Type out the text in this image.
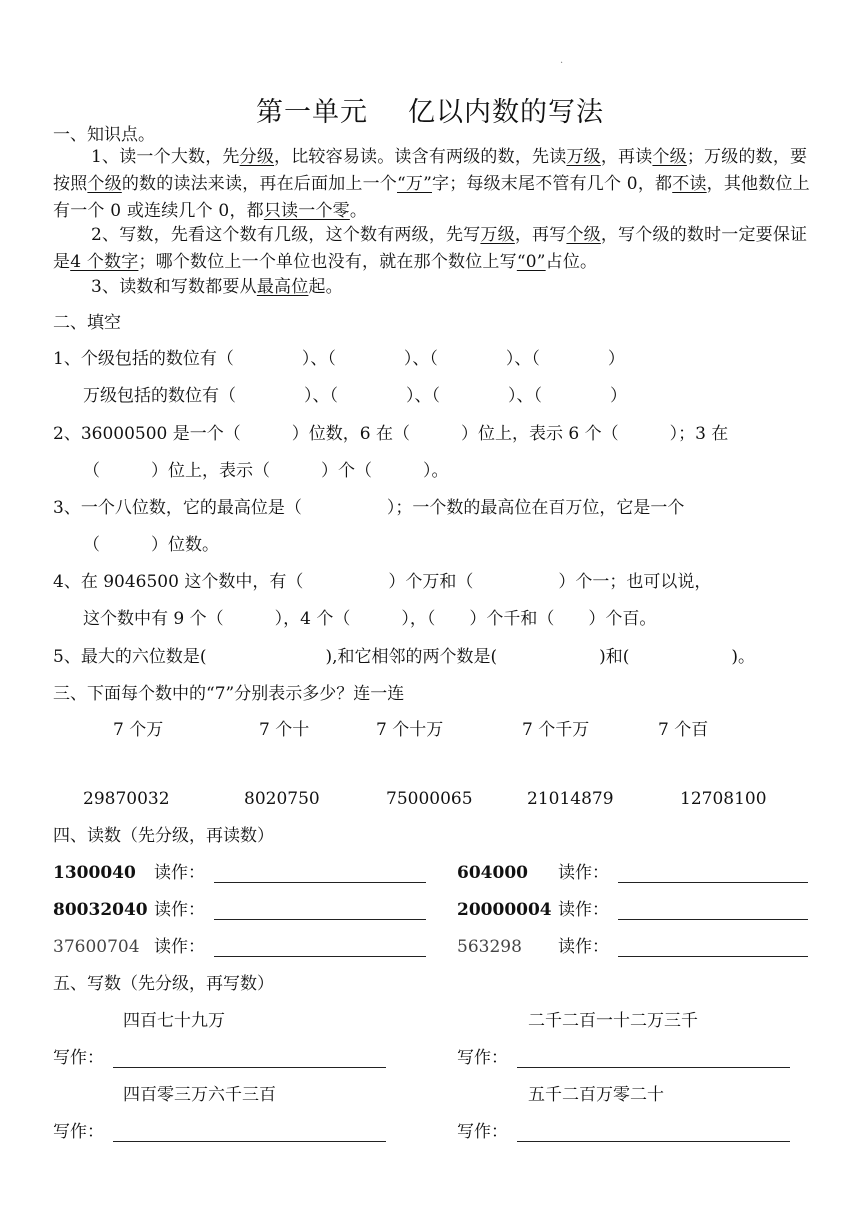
·
第一单元 亿以内数的写法
一、知识点。
1、读一个大数，先分级，比较容易读。读含有两级的数，先读万级，再读个级；万级的数，要按照个级的数的读法来读，再在后面加上一个“万”字；每级末尾不管有几个 0，都不读，其他数位上有一个 0 或连续几个 0，都只读一个零。
2、写数，先看这个数有几级，这个数有两级，先写万级，再写个级，写个级的数时一定要保证是4 个数字；哪个数位上一个单位也没有，就在那个数位上写“0”占位。
3、读数和写数都要从最高位起。
二、填空
1、个级包括的数位有（　　　　）、（　　　　）、（　　　　）、（　　　　）
万级包括的数位有（　　　　）、（　　　　）、（　　　　）、（　　　　）
2、36000500 是一个（　　　）位数，6 在（　　　）位上，表示 6 个（　　　）；3 在
（　　　）位上，表示（　　　）个（　　　）。
3、一个八位数，它的最高位是（　　　　　）；一个数的最高位在百万位，它是一个
（　　　）位数。
4、在 9046500 这个数中，有（　　　　　）个万和（　　　　　）个一；也可以说，
这个数中有 9 个（　　　），4 个（　　　），（　　）个千和（　　）个百。
5、最大的六位数是(　　　　　　　),和它相邻的两个数是(　　　　　　)和(　　　　　　)。
三、下面每个数中的“7”分别表示多少？连一连
7 个万	7 个十	7 个十万	7 个千万	7 个百
29870032	8020750	75000065	21014879	12708100
四、读数（先分级，再读数）
1300040 读作：	604000 读作：
80032040 读作：	20000004 读作：
37600704 读作：	563298 读作：
五、写数（先分级，再写数）
四百七十九万	二千二百一十二万三千
写作：	写作：
四百零三万六千三百	五千二百万零二十
写作：	写作：
